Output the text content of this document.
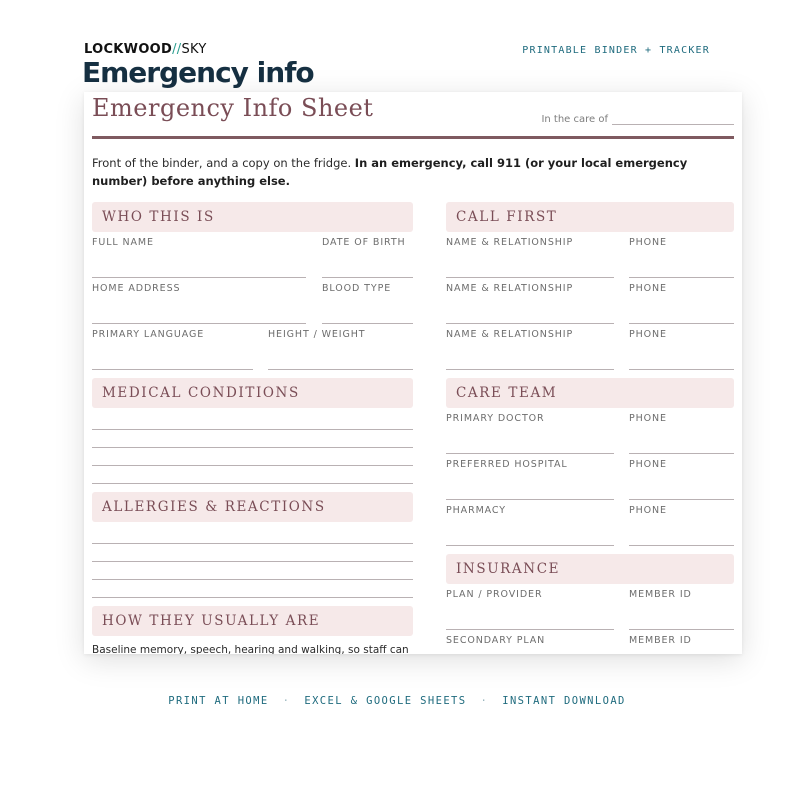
LOCKWOOD//SKY
Emergency info
PRINTABLE BINDER + TRACKER
Emergency Info Sheet	In the care of
Front of the binder, and a copy on the fridge. In an emergency, call 911 (or your local emergency number) before anything else.
WHO THIS IS
FULL NAME	DATE OF BIRTH
HOME ADDRESS	BLOOD TYPE
PRIMARY LANGUAGE	HEIGHT / WEIGHT
MEDICAL CONDITIONS
ALLERGIES & REACTIONS
HOW THEY USUALLY ARE
Baseline memory, speech, hearing and walking, so staff can
CALL FIRST
NAME & RELATIONSHIP	PHONE
NAME & RELATIONSHIP	PHONE
NAME & RELATIONSHIP	PHONE
CARE TEAM
PRIMARY DOCTOR	PHONE
PREFERRED HOSPITAL	PHONE
PHARMACY	PHONE
INSURANCE
PLAN / PROVIDER	MEMBER ID
SECONDARY PLAN	MEMBER ID
PRINT AT HOME · EXCEL & GOOGLE SHEETS · INSTANT DOWNLOAD
